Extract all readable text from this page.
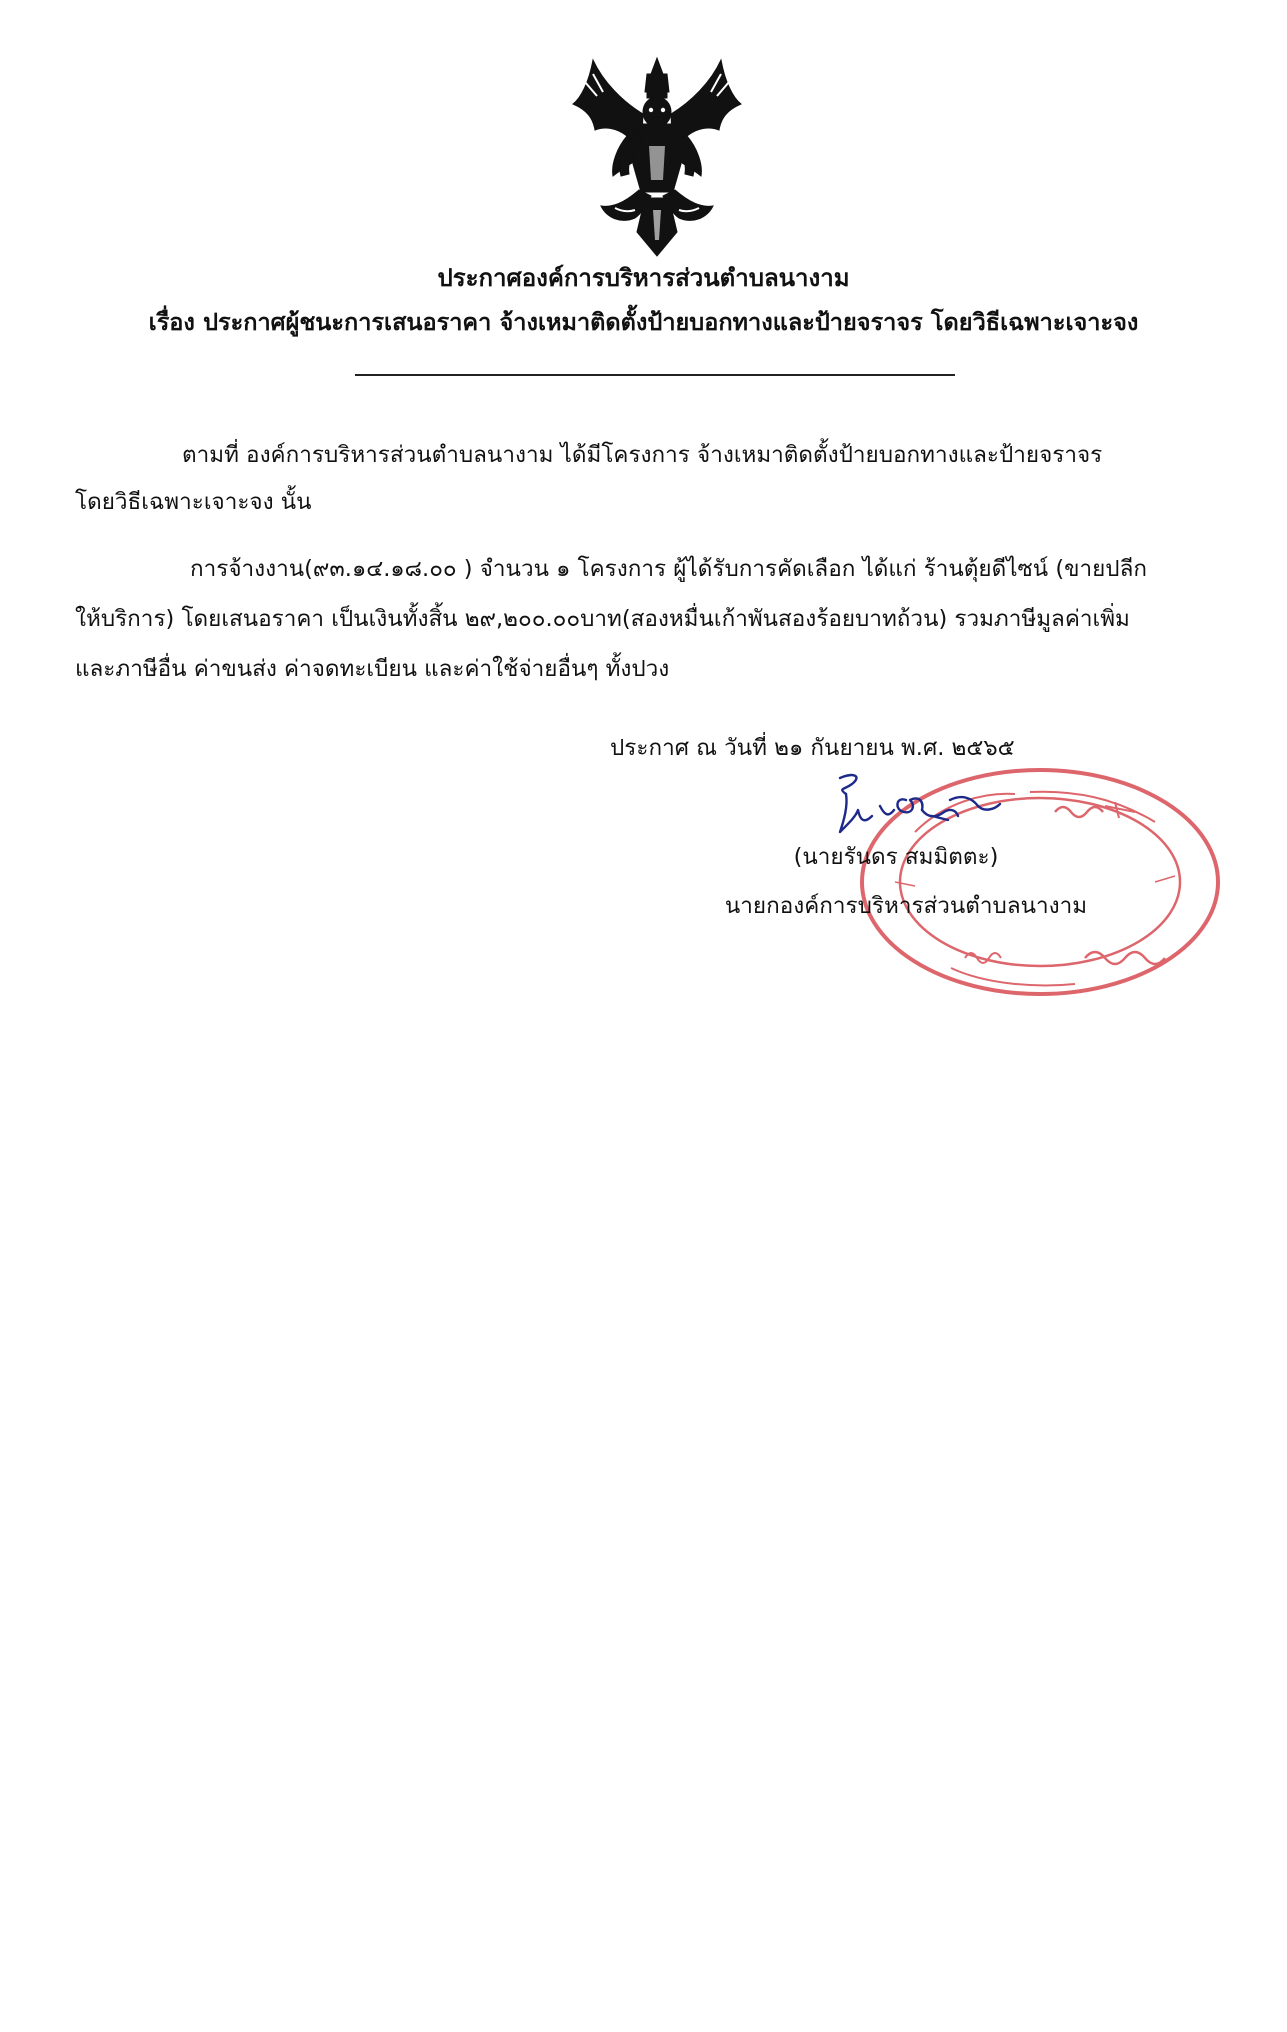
ประกาศองค์การบริหารส่วนตำบลนางาม
เรื่อง ประกาศผู้ชนะการเสนอราคา จ้างเหมาติดตั้งป้ายบอกทางและป้ายจราจร โดยวิธีเฉพาะเจาะจง
ตามที่ องค์การบริหารส่วนตำบลนางาม ได้มีโครงการ จ้างเหมาติดตั้งป้ายบอกทางและป้ายจราจร
โดยวิธีเฉพาะเจาะจง นั้น
การจ้างงาน(๙๓.๑๔.๑๘.๐๐ ) จำนวน ๑ โครงการ ผู้ได้รับการคัดเลือก ได้แก่ ร้านตุ้ยดีไซน์ (ขายปลีก
ให้บริการ) โดยเสนอราคา เป็นเงินทั้งสิ้น ๒๙,๒๐๐.๐๐บาท(สองหมื่นเก้าพันสองร้อยบาทถ้วน) รวมภาษีมูลค่าเพิ่ม
และภาษีอื่น ค่าขนส่ง ค่าจดทะเบียน และค่าใช้จ่ายอื่นๆ ทั้งปวง
ประกาศ ณ วันที่ ๒๑ กันยายน พ.ศ. ๒๕๖๕
(นายรันดร สมมิตตะ)
นายกองค์การบริหารส่วนตำบลนางาม
